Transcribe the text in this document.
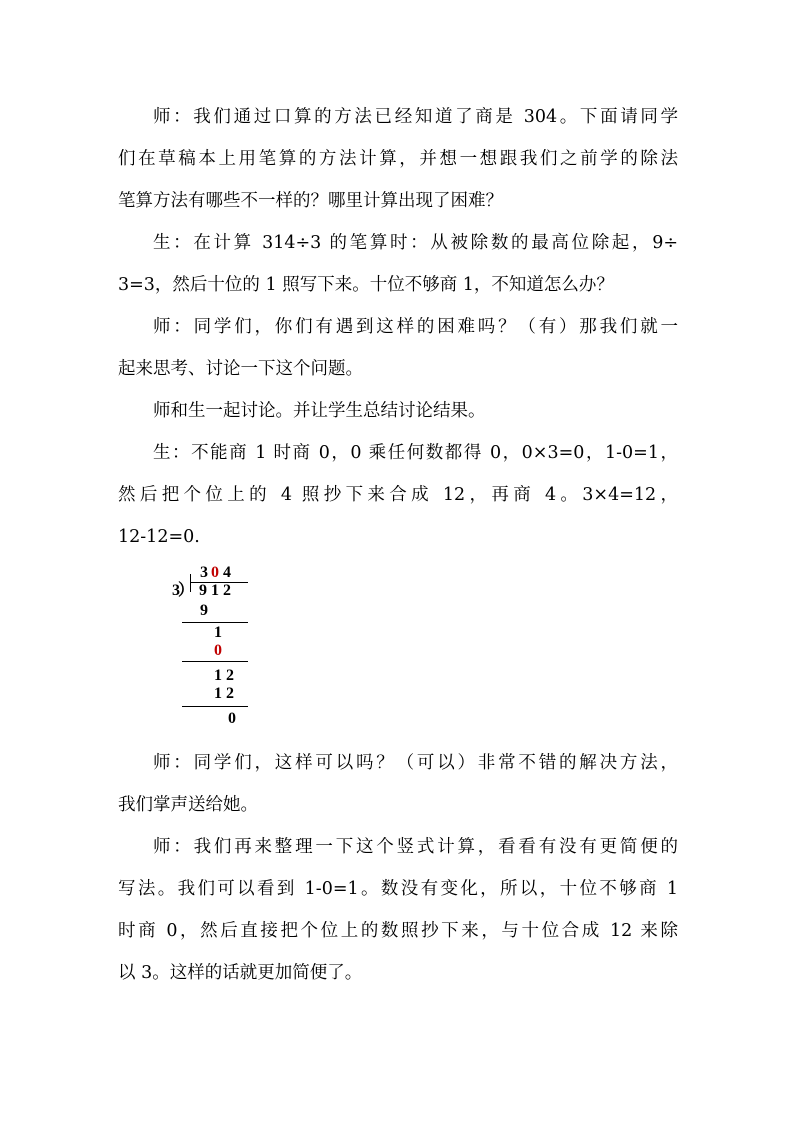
师：我们通过口算的方法已经知道了商是 304。下面请同学

们在草稿本上用笔算的方法计算，并想一想跟我们之前学的除法

笔算方法有哪些不一样的？哪里计算出现了困难？

生：在计算 314÷3 的笔算时：从被除数的最高位除起，9÷

3=3，然后十位的 1 照写下来。十位不够商 1，不知道怎么办？

师：同学们，你们有遇到这样的困难吗？（有）那我们就一

起来思考、讨论一下这个问题。

师和生一起讨论。并让学生总结讨论结果。

生：不能商 1 时商 0，0 乘任何数都得 0，0×3=0，1-0=1，

然后把个位上的 4 照抄下来合成 12，再商 4。3×4=12，

12-12=0.

3 0 4
3
） 9 1 2
9
1
0
1 2
1 2
0

师：同学们，这样可以吗？（可以）非常不错的解决方法，

我们掌声送给她。

师：我们再来整理一下这个竖式计算，看看有没有更简便的

写法。我们可以看到 1-0=1。数没有变化，所以，十位不够商 1

时商 0，然后直接把个位上的数照抄下来，与十位合成 12 来除

以 3。这样的话就更加简便了。
